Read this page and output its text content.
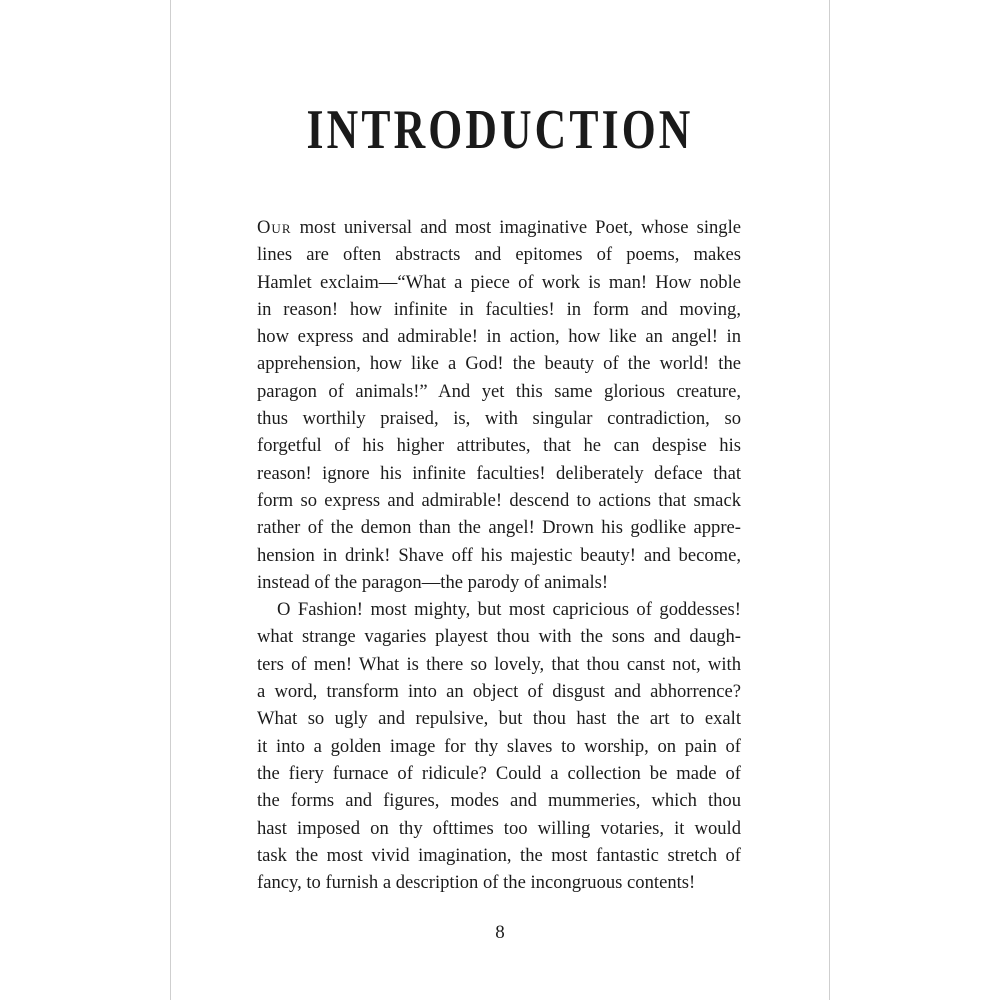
INTRODUCTION
Our most universal and most imaginative Poet, whose single
lines are often abstracts and epitomes of poems, makes
Hamlet exclaim—“What a piece of work is man! How noble
in reason! how infinite in faculties! in form and moving,
how express and admirable! in action, how like an angel! in
apprehension, how like a God! the beauty of the world! the
paragon of animals!” And yet this same glorious creature,
thus worthily praised, is, with singular contradiction, so
forgetful of his higher attributes, that he can despise his
reason! ignore his infinite faculties! deliberately deface that
form so express and admirable! descend to actions that smack
rather of the demon than the angel! Drown his godlike appre-
hension in drink! Shave off his majestic beauty! and become,
instead of the paragon—the parody of animals!
O Fashion! most mighty, but most capricious of goddesses!
what strange vagaries playest thou with the sons and daugh-
ters of men! What is there so lovely, that thou canst not, with
a word, transform into an object of disgust and abhorrence?
What so ugly and repulsive, but thou hast the art to exalt
it into a golden image for thy slaves to worship, on pain of
the fiery furnace of ridicule? Could a collection be made of
the forms and figures, modes and mummeries, which thou
hast imposed on thy ofttimes too willing votaries, it would
task the most vivid imagination, the most fantastic stretch of
fancy, to furnish a description of the incongruous contents!
8
